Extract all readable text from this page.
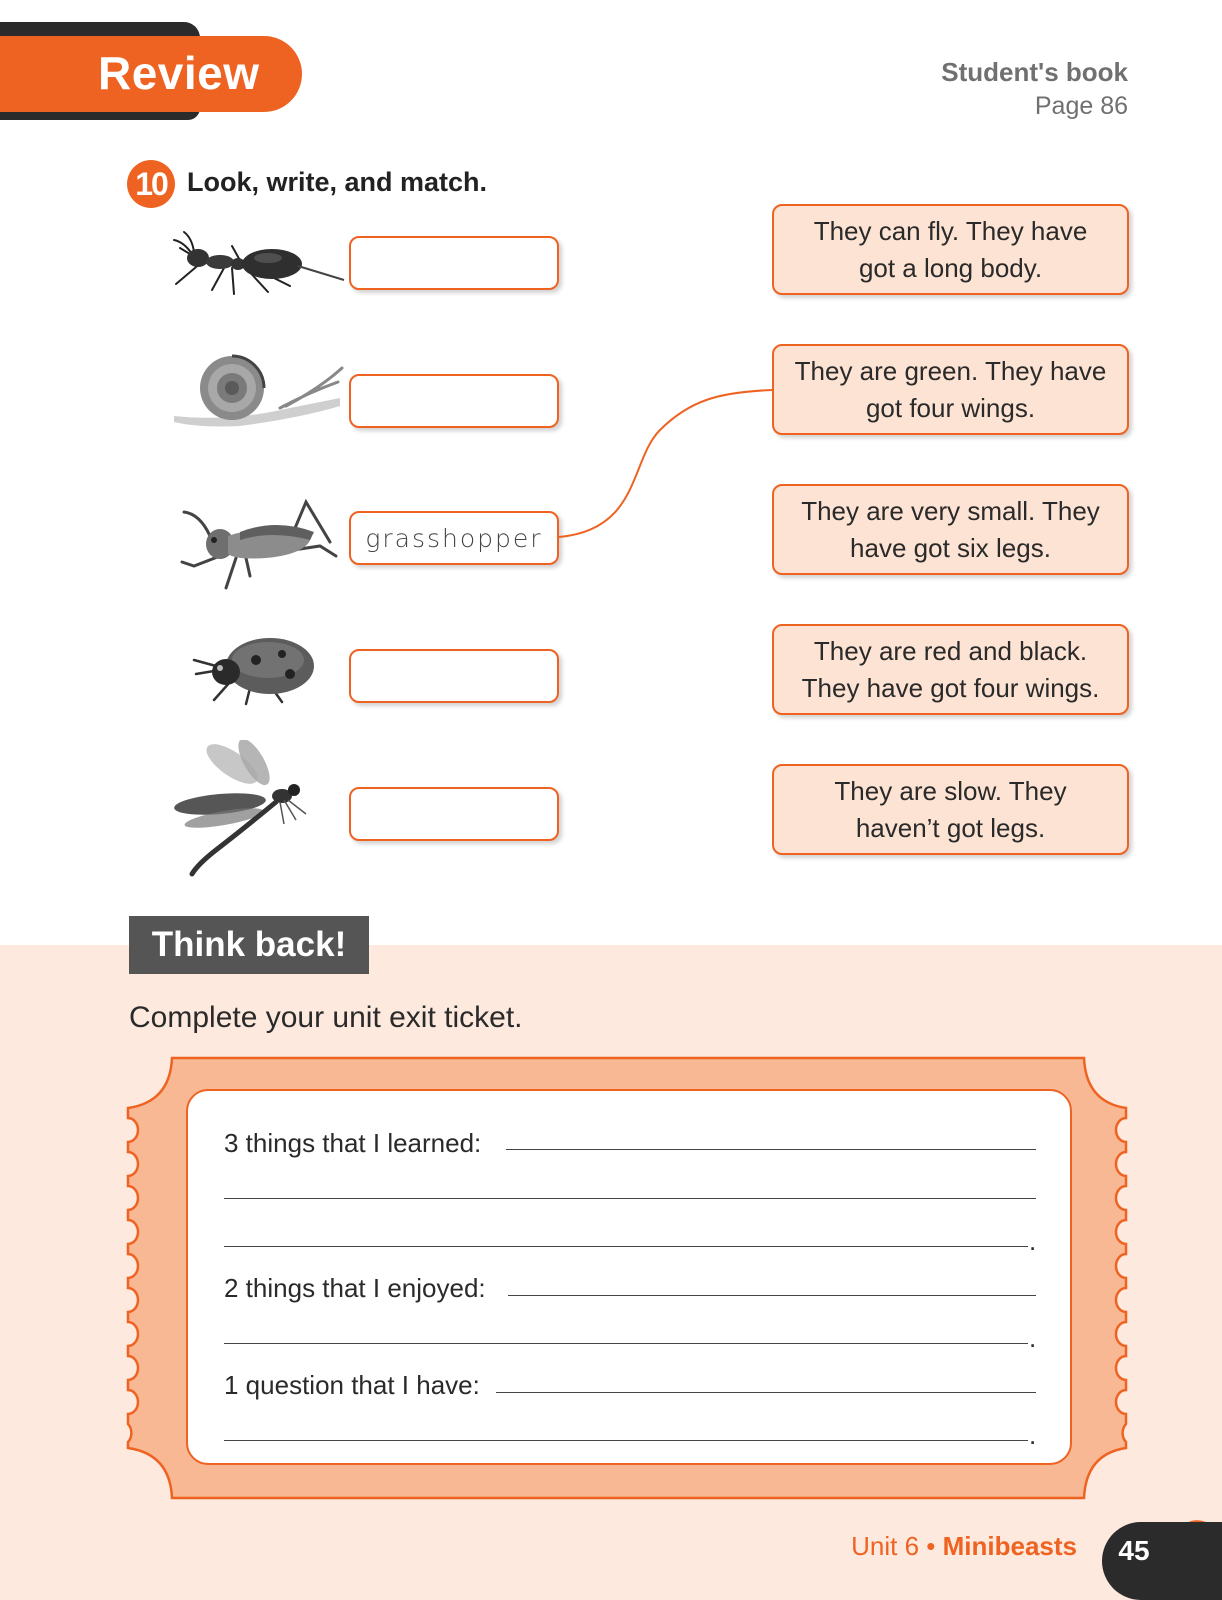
Review	Student's book
Page 86
10 Look, write, and match.
grasshopper
They can fly. They have
got a long body.
They are green. They have
got four wings.
They are very small. They
have got six legs.
They are red and black.
They have got four wings.
They are slow. They
haven’t got legs.
Think back!
Complete your unit exit ticket.
3 things that I learned:
.
2 things that I enjoyed:
.
1 question that I have:
.
Unit 6 • Minibeasts	45
